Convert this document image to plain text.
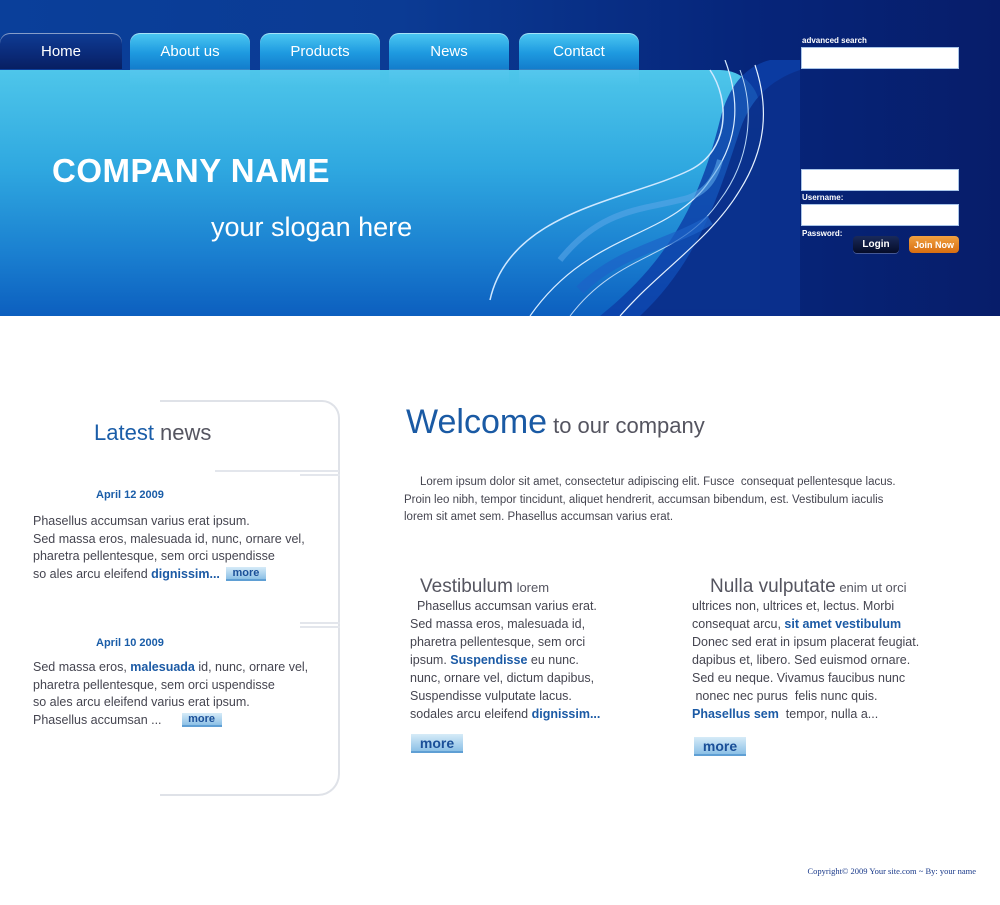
Home	About us	Products	News	Contact
COMPANY NAME
your slogan here
advanced search
Username:
Password:
Login	Join Now
Latest news
April 12 2009
Phasellus accumsan varius erat ipsum.
Sed massa eros, malesuada id, nunc, ornare vel,
pharetra pellentesque, sem orci uspendisse
so ales arcu eleifend dignissim... more
April 10 2009
Sed massa eros, malesuada id, nunc, ornare vel,
pharetra pellentesque, sem orci uspendisse
so ales arcu eleifend varius erat ipsum.
Phasellus accumsan ... more
Welcome to our company
Lorem ipsum dolor sit amet, consectetur adipiscing elit. Fusce  consequat pellentesque lacus.
Proin leo nibh, tempor tincidunt, aliquet hendrerit, accumsan bibendum, est. Vestibulum iaculis
lorem sit amet sem. Phasellus accumsan varius erat.
Vestibulum lorem
Phasellus accumsan varius erat.
Sed massa eros, malesuada id,
pharetra pellentesque, sem orci
ipsum. Suspendisse eu nunc.
nunc, ornare vel, dictum dapibus,
Suspendisse vulputate lacus.
sodales arcu eleifend dignissim...
more
Nulla vulputate enim ut orci
ultrices non, ultrices et, lectus. Morbi
consequat arcu, sit amet vestibulum
Donec sed erat in ipsum placerat feugiat.
dapibus et, libero. Sed euismod ornare.
Sed eu neque. Vivamus faucibus nunc
nonec nec purus  felis nunc quis.
Phasellus sem  tempor, nulla a...
more
Copyright© 2009 Your site.com ~ By: your name
